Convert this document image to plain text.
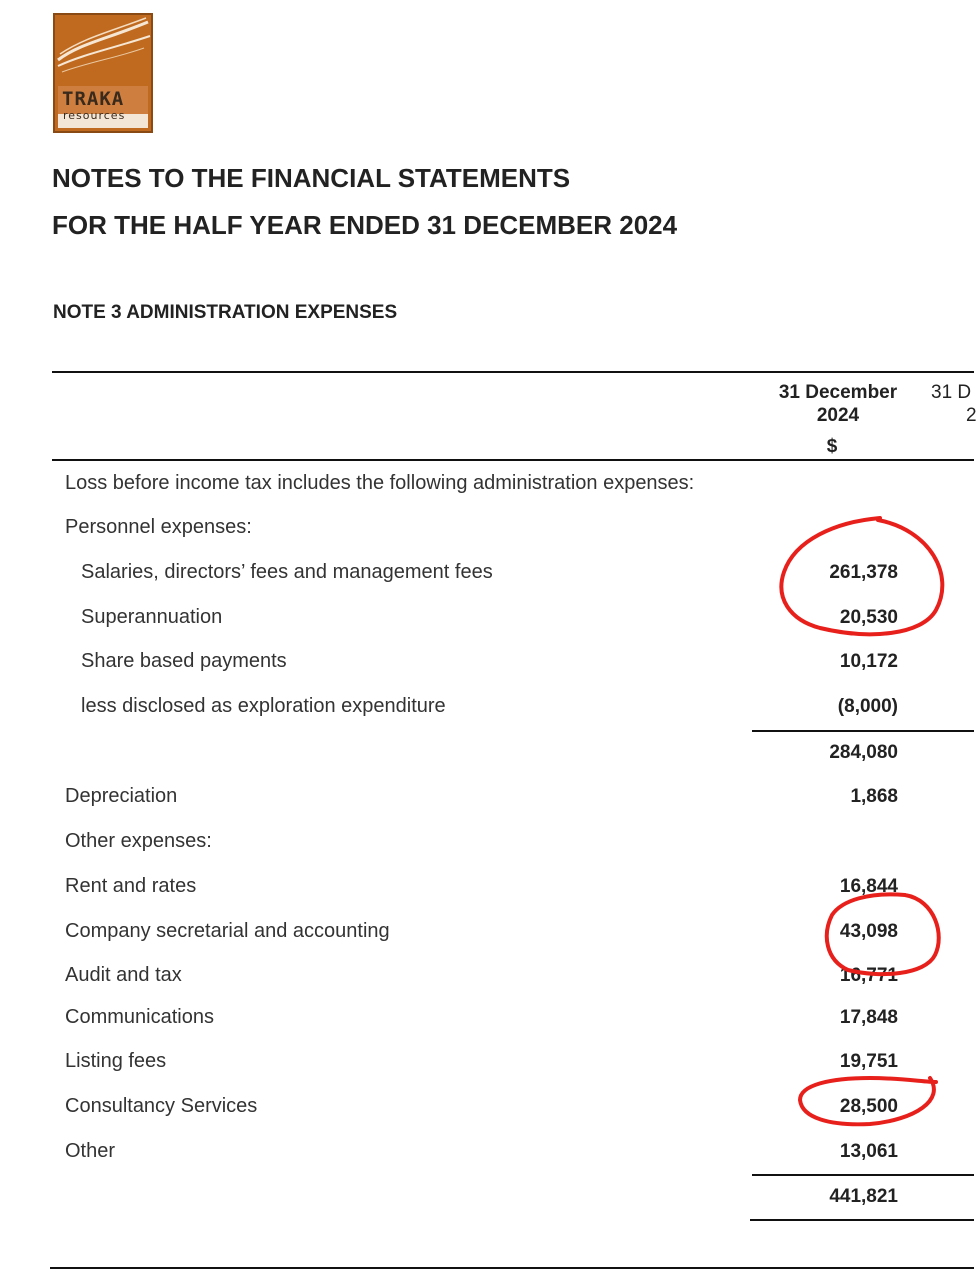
TRAKA
resources
NOTES TO THE FINANCIAL STATEMENTS
FOR THE HALF YEAR ENDED 31 DECEMBER 2024
NOTE 3 ADMINISTRATION EXPENSES
31 December
2024
$
31 D
2
Loss before income tax includes the following administration expenses:
Personnel expenses:
Salaries, directors’ fees and management fees	261,378
Superannuation	20,530
Share based payments	10,172
less disclosed as exploration expenditure	(8,000)
284,080
Depreciation	1,868
Other expenses:
Rent and rates	16,844
Company secretarial and accounting	43,098
Audit and tax	16,771
Communications	17,848
Listing fees	19,751
Consultancy Services	28,500
Other	13,061
441,821
